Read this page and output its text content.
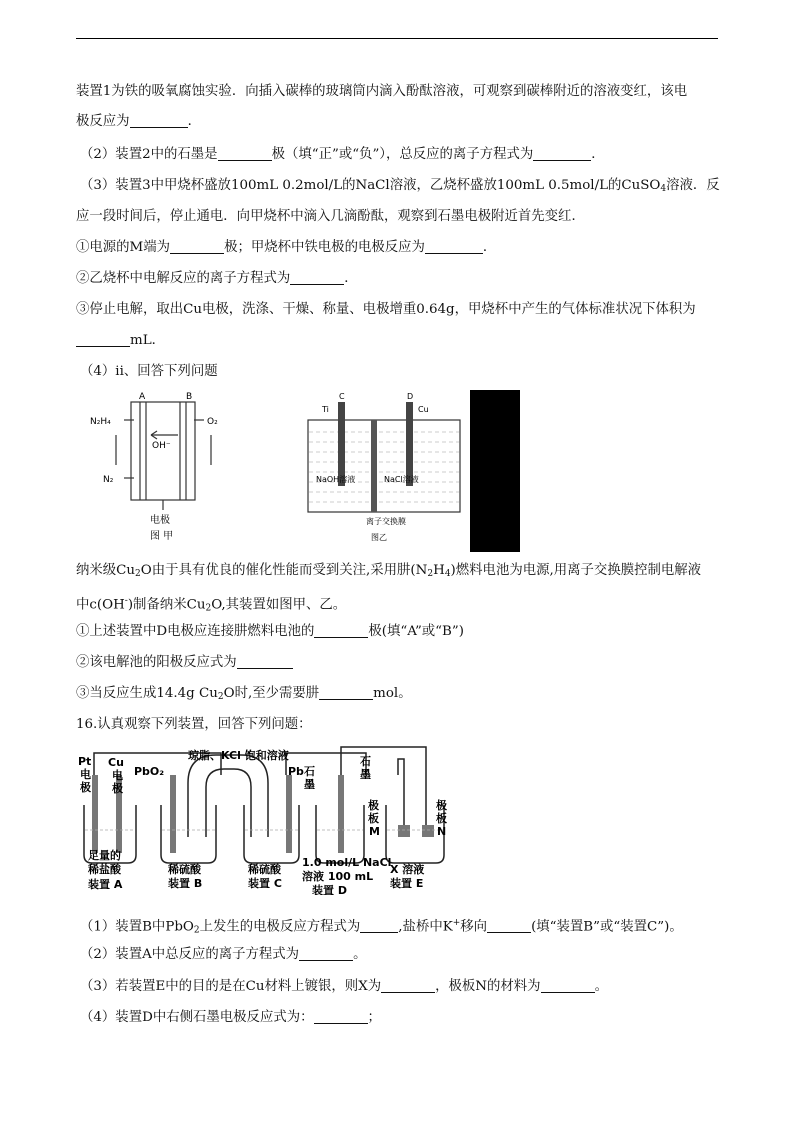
装置1为铁的吸氧腐蚀实验．向插入碳棒的玻璃筒内滴入酚酞溶液，可观察到碳棒附近的溶液变红，该电
极反应为	．
（2）装置2中的石墨是	极（填“正”或“负”），总反应的离子方程式为	．
（3）装置3中甲烧杯盛放100mL 0.2mol/L的NaCl溶液，乙烧杯盛放100mL 0.5mol/L的CuSO$_4$溶液．反
应一段时间后，停止通电．向甲烧杯中滴入几滴酚酞，观察到石墨电极附近首先变红．
①电源的M端为	极；甲烧杯中铁电极的电极反应为	．
②乙烧杯中电解反应的离子方程式为	．
③停止电解，取出Cu电极，洗涤、干燥、称量、电极增重0.64g，甲烧杯中产生的气体标准状况下体积为
mL．
（4）ii、回答下列问题
A	B
N₂H₄	O₂
OH⁻
N₂
电极
图 甲
C	D
Ti	Cu
NaOH溶液	NaCl溶液
离子交换膜
图乙
纳米级$Cu_2O$由于具有优良的催化性能而受到关注,采用肼$(N_2H_4)$燃料电池为电源,用离子交换膜控制电解液
中c(OH-)制备纳米$Cu_2O$,其装置如图甲、乙。
①上述装置中D电极应连接肼燃料电池的	极(填“A”或“B”)
②该电解池的阳极反应式为
③当反应生成14.4g $Cu_2O$时,至少需要肼	mol。
16.认真观察下列装置，回答下列问题：
琼脂、KCl 饱和溶液
Pt
电
极
Cu
电
极
PbO₂	Pb 石
墨
石
墨
极
板
M
极
板
N
足量的
稀盐酸
装置 A
稀硫酸
装置 B
稀硫酸
装置 C
1.0 mol/L NaCl
溶液 100 mL
装置 D
X 溶液
装置 E
（1）装置B中PbO$_2$上发生的电极反应方程式为	,盐桥中K+移向	(填“装置B”或“装置C”)。
（2）装置A中总反应的离子方程式为	。
（3）若装置E中的目的是在Cu材料上镀银，则X为	，极板N的材料为	。
（4）装置D中右侧石墨电极反应式为：	；
